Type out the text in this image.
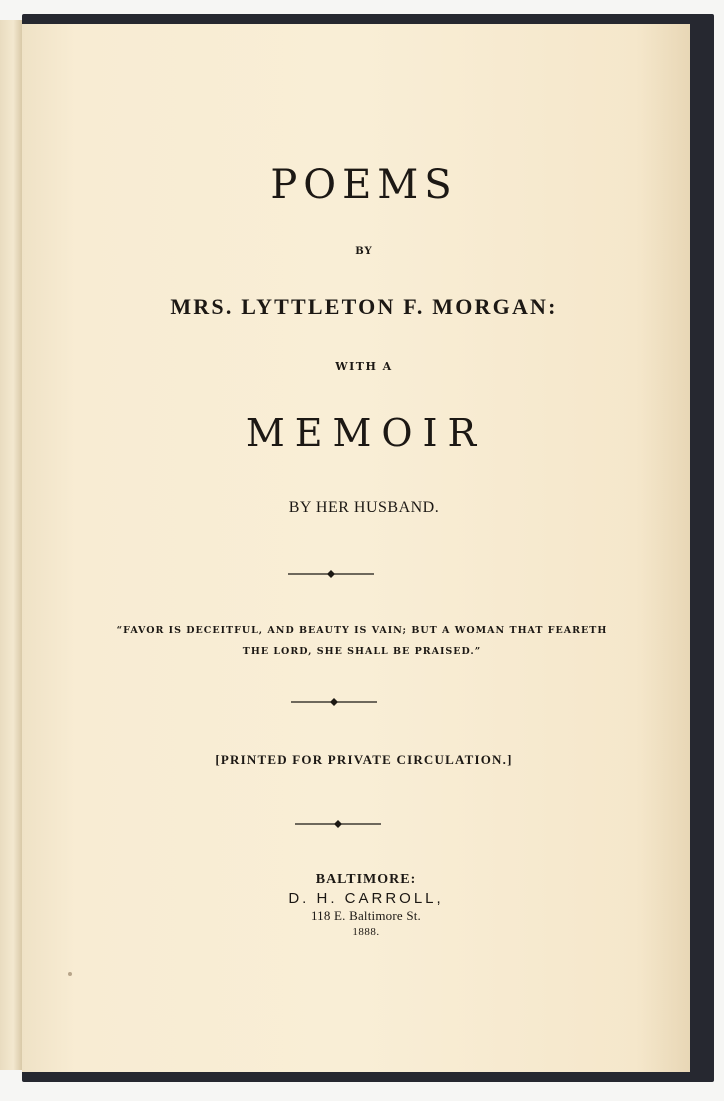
POEMS
BY
MRS. LYTTLETON F. MORGAN:
WITH A
MEMOIR
BY HER HUSBAND.
“FAVOR IS DECEITFUL, AND BEAUTY IS VAIN; BUT A WOMAN THAT FEARETH
THE LORD, SHE SHALL BE PRAISED.”
[PRINTED FOR PRIVATE CIRCULATION.]
BALTIMORE:
D. H. CARROLL,
118 E. Baltimore St.
1888.
